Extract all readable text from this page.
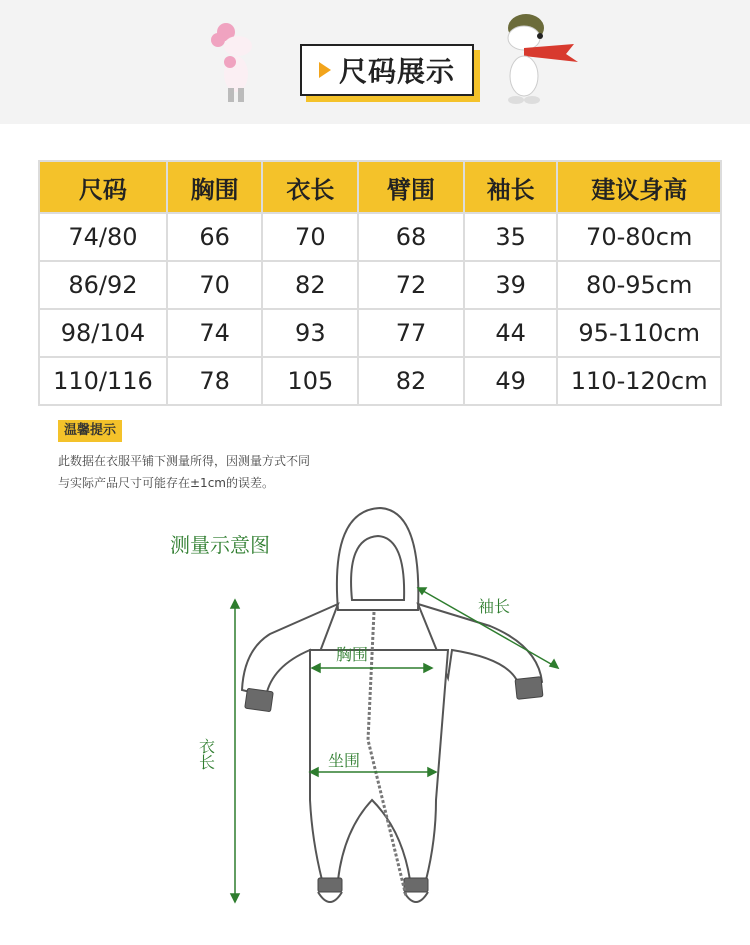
尺码展示
尺码	胸围	衣长	臂围	袖长	建议身高
74/80	66	70	68	35	70-80cm
86/92	70	82	72	39	80-95cm
98/104	74	93	77	44	95-110cm
110/116	78	105	82	49	110-120cm
温馨提示
此数据在衣服平铺下测量所得，因测量方式不同
与实际产品尺寸可能存在±1cm的误差。
测量示意图
袖长
胸围
衣长	坐围
